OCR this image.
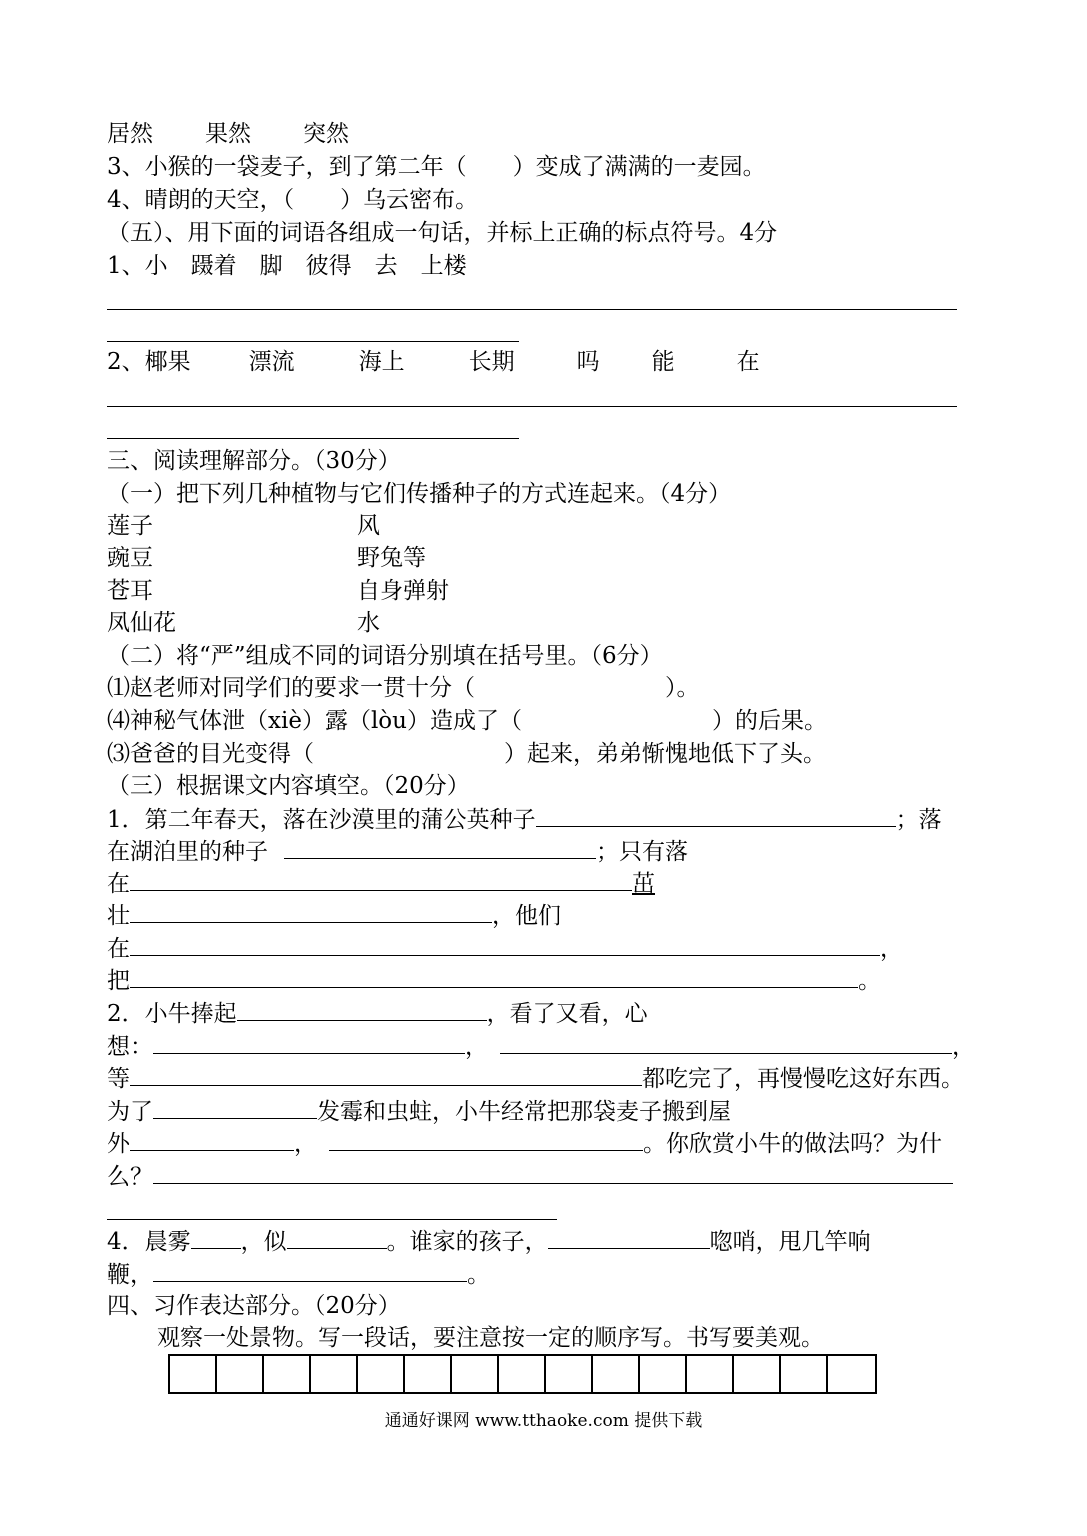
居然 果然 突然
3、小猴的一袋麦子，到了第二年（ ）变成了满满的一麦园。
4、晴朗的天空，（ ）乌云密布。
（五）、用下面的词语各组成一句话，并标上正确的标点符号。4分
1、小　蹑着　脚　彼得　去　上楼
2、椰果	漂流	海上	长期	吗 能	在
三、阅读理解部分。（30分）
（一）把下列几种植物与它们传播种子的方式连起来。（4分）
莲子	风
豌豆	野兔等
苍耳	自身弹射
凤仙花	水
（二）将“严”组成不同的词语分别填在括号里。（6分）
⑴赵老师对同学们的要求一贯十分（	）。
⑷神秘气体泄（xiè）露（lòu）造成了（	）的后果。
⑶爸爸的目光变得（	）起来，弟弟惭愧地低下了头。
（三）根据课文内容填空。（20分）
1．第二年春天，落在沙漠里的蒲公英种子	；落
在湖泊里的种子	；只有落
在	茁
壮	，他们
在	，
把	。
2．小牛捧起	，看了又看，心
想：	，	，
等	都吃完了，再慢慢吃这好东西。
为了	发霉和虫蛀，小牛经常把那袋麦子搬到屋
外	，	。你欣赏小牛的做法吗？为什
么？
4．晨雾 ，似	。谁家的孩子，	唿哨，甩几竿响
鞭，	。
四、习作表达部分。（20分）
观察一处景物。写一段话，要注意按一定的顺序写。书写要美观。
通通好课网 www.tthaoke.com 提供下载
